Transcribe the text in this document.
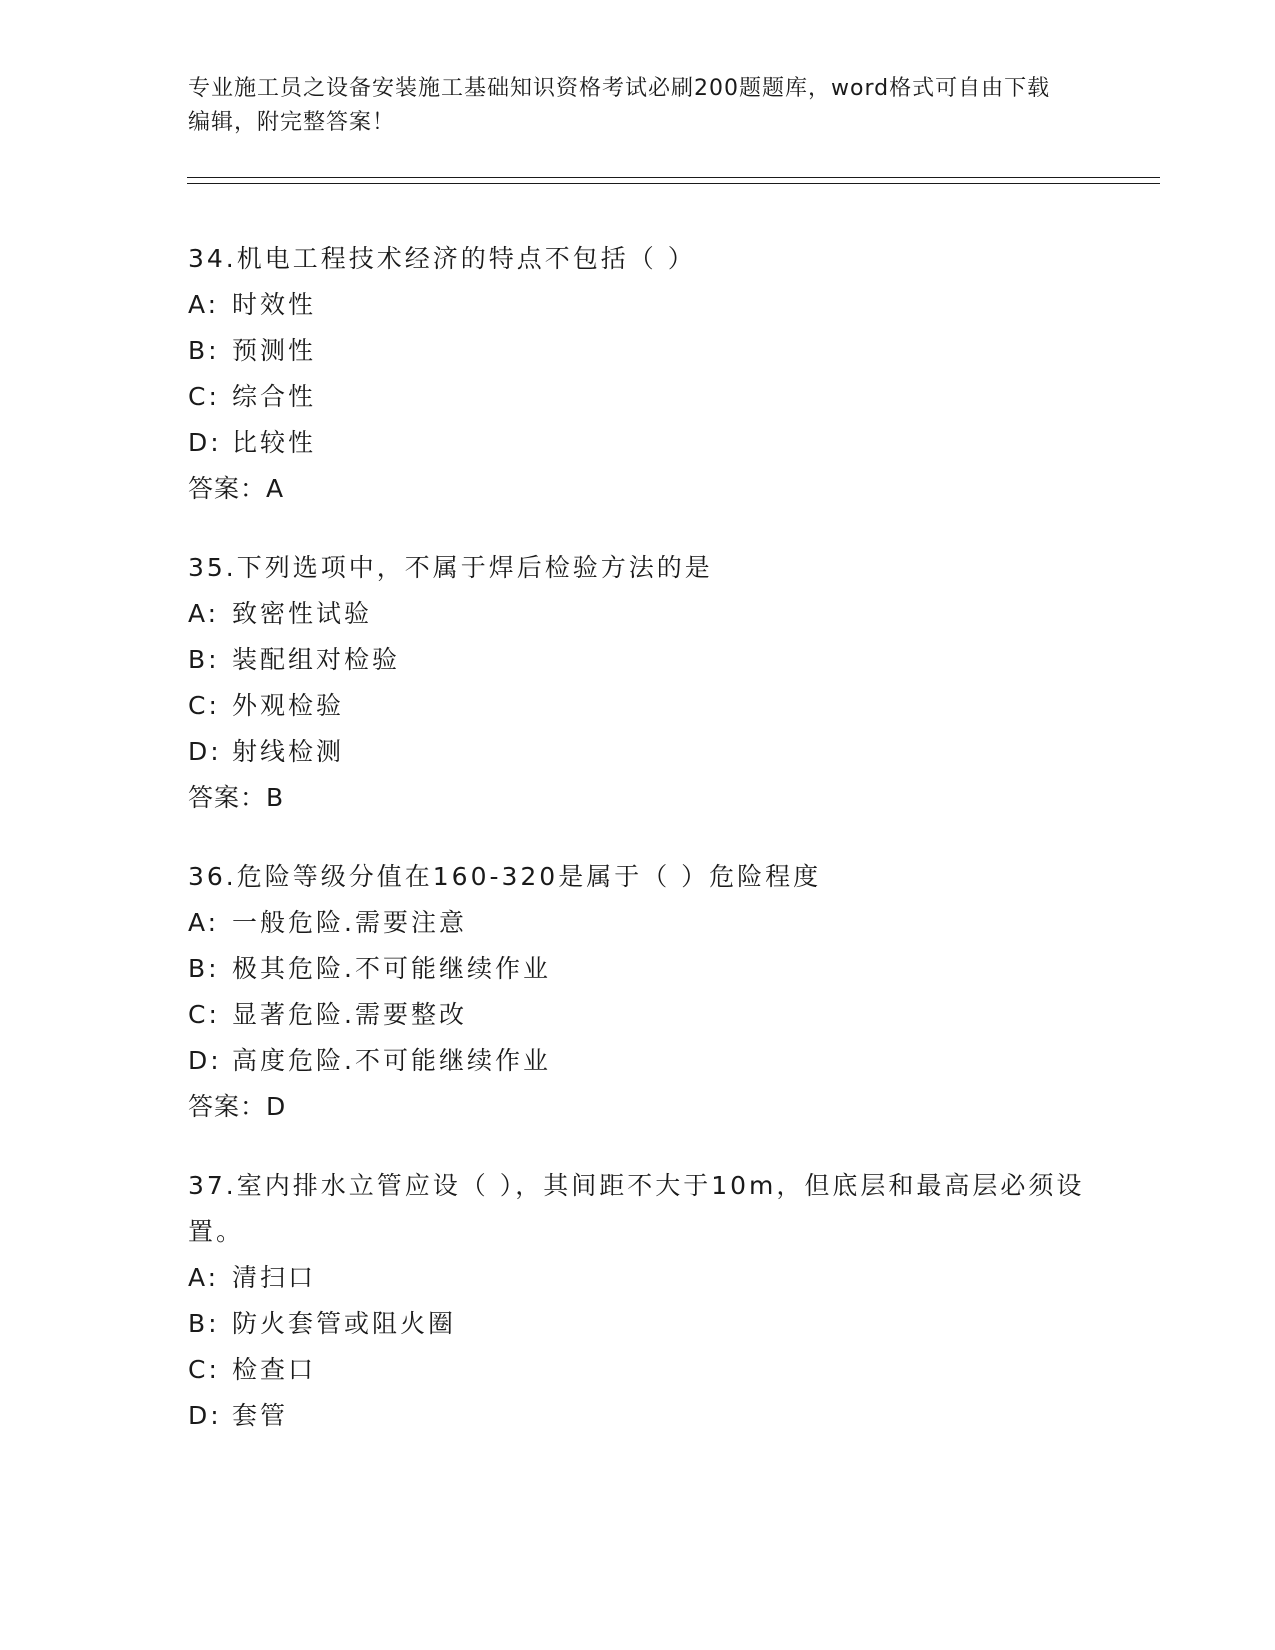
专业施工员之设备安装施工基础知识资格考试必刷200题题库，word格式可自由下载编辑，附完整答案！
34.机电工程技术经济的特点不包括（ ）
A: 时效性
B: 预测性
C: 综合性
D: 比较性
答案：A
35.下列选项中，不属于焊后检验方法的是
A: 致密性试验
B: 装配组对检验
C: 外观检验
D: 射线检测
答案：B
36.危险等级分值在160-320是属于（ ）危险程度
A: 一般危险.需要注意
B: 极其危险.不可能继续作业
C: 显著危险.需要整改
D: 高度危险.不可能继续作业
答案：D
37.室内排水立管应设（ ），其间距不大于10m，但底层和最高层必须设置。
A: 清扫口
B: 防火套管或阻火圈
C: 检查口
D: 套管
